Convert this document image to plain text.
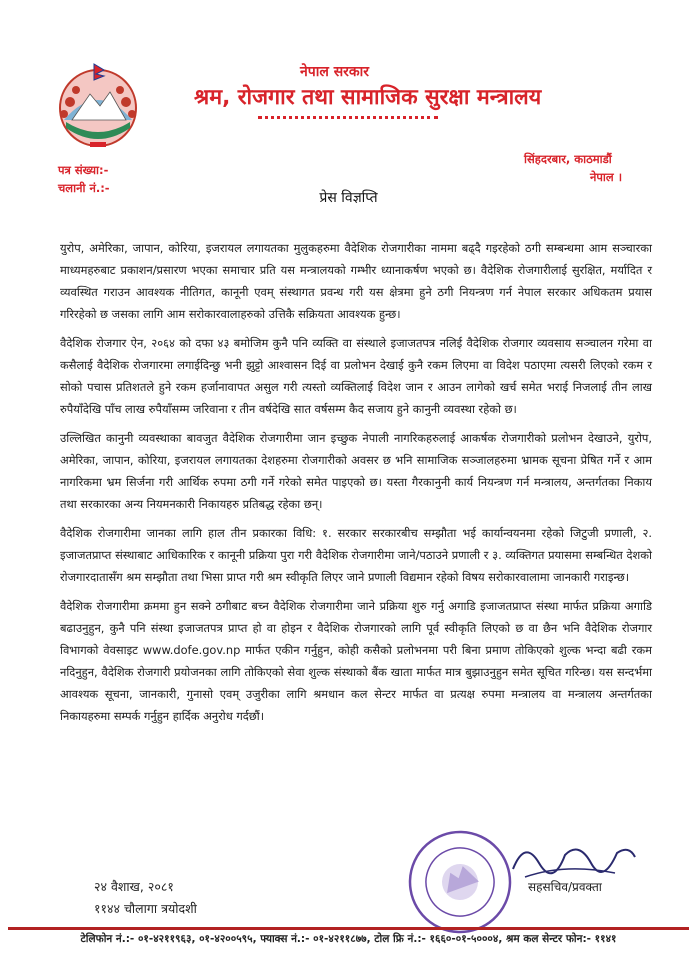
नेपाल सरकार
श्रम, रोजगार तथा सामाजिक सुरक्षा मन्त्रालय
पत्र संख्या:-
चलानी नं.:-
सिंहदरबार, काठमाडौं
नेपाल ।
प्रेस विज्ञप्ति

युरोप, अमेरिका, जापान, कोरिया, इजरायल लगायतका मुलुकहरुमा वैदेशिक रोजगारीका नाममा बढ्दै गइरहेको ठगी सम्बन्धमा आम सञ्चारका माध्यमहरुबाट प्रकाशन/प्रसारण भएका समाचार प्रति यस मन्त्रालयको गम्भीर ध्यानाकर्षण भएको छ। वैदेशिक रोजगारीलाई सुरक्षित, मर्यादित र व्यवस्थित गराउन आवश्यक नीतिगत, कानूनी एवम् संस्थागत प्रवन्ध गरी यस क्षेत्रमा हुने ठगी नियन्त्रण गर्न नेपाल सरकार अधिकतम प्रयास गरिरहेको छ जसका लागि आम सरोकारवालाहरुको उत्तिकै सक्रियता आवश्यक हुन्छ।

वैदेशिक रोजगार ऐन, २०६४ को दफा ४३ बमोजिम कुनै पनि व्यक्ति वा संस्थाले इजाजतपत्र नलिई वैदेशिक रोजगार व्यवसाय सञ्चालन गरेमा वा कसैलाई वैदेशिक रोजगारमा लगाईदिन्छु भनी झुट्टो आश्वासन दिई वा प्रलोभन देखाई कुनै रकम लिएमा वा विदेश पठाएमा त्यसरी लिएको रकम र सोको पचास प्रतिशतले हुने रकम हर्जानावापत असुल गरी त्यस्तो व्यक्तिलाई विदेश जान र आउन लागेको खर्च समेत भराई निजलाई तीन लाख रुपैयाँदेखि पाँच लाख रुपैयाँसम्म जरिवाना र तीन वर्षदेखि सात वर्षसम्म कैद सजाय हुने कानुनी व्यवस्था रहेको छ।

उल्लिखित कानुनी व्यवस्थाका बावजुत वैदेशिक रोजगारीमा जान इच्छुक नेपाली नागरिकहरुलाई आकर्षक रोजगारीको प्रलोभन देखाउने, युरोप, अमेरिका, जापान, कोरिया, इजरायल लगायतका देशहरुमा रोजगारीको अवसर छ भनि सामाजिक सञ्जालहरुमा भ्रामक सूचना प्रेषित गर्ने र आम नागरिकमा भ्रम सिर्जना गरी आर्थिक रुपमा ठगी गर्ने गरेको समेत पाइएको छ। यस्ता गैरकानुनी कार्य नियन्त्रण गर्न मन्त्रालय, अन्तर्गतका निकाय तथा सरकारका अन्य नियमनकारी निकायहरु प्रतिबद्ध रहेका छन्।

वैदेशिक रोजगारीमा जानका लागि हाल तीन प्रकारका विधि: १. सरकार सरकारबीच सम्झौता भई कार्यान्वयनमा रहेको जिटुजी प्रणाली, २. इजाजतप्राप्त संस्थाबाट आधिकारिक र कानूनी प्रक्रिया पुरा गरी वैदेशिक रोजगारीमा जाने/पठाउने प्रणाली र ३. व्यक्तिगत प्रयासमा सम्बन्धित देशको रोजगारदातासँग श्रम सम्झौता तथा भिसा प्राप्त गरी श्रम स्वीकृति लिएर जाने प्रणाली विद्यमान रहेको विषय सरोकारवालामा जानकारी गराइन्छ।

वैदेशिक रोजगारीमा क्रममा हुन सक्ने ठगीबाट बच्न वैदेशिक रोजगारीमा जाने प्रक्रिया शुरु गर्नु अगाडि इजाजतप्राप्त संस्था मार्फत प्रक्रिया अगाडि बढाउनुहुन, कुनै पनि संस्था इजाजतपत्र प्राप्त हो वा होइन र वैदेशिक रोजगारको लागि पूर्व स्वीकृति लिएको छ वा छैन भनि वैदेशिक रोजगार विभागको वेवसाइट www.dofe.gov.np मार्फत एकीन गर्नुहुन, कोही कसैको प्रलोभनमा परी बिना प्रमाण तोकिएको शुल्क भन्दा बढी रकम नदिनुहुन, वैदेशिक रोजगारी प्रयोजनका लागि तोकिएको सेवा शुल्क संस्थाको बैंक खाता मार्फत मात्र बुझाउनुहुन समेत सूचित गरिन्छ। यस सन्दर्भमा आवश्यक सूचना, जानकारी, गुनासो एवम् उजुरीका लागि श्रमधान कल सेन्टर मार्फत वा प्रत्यक्ष रुपमा मन्त्रालय वा मन्त्रालय अन्तर्गतका निकायहरुमा सम्पर्क गर्नुहुन हार्दिक अनुरोध गर्दछौं।

२४ वैशाख, २०८१
११४४ चौलागा त्रयोदशी
सहसचिव/प्रवक्ता
टेलिफोन नं.:- ०१-४२११९६३, ०१-४२००५९५, फ्याक्स नं.:- ०१-४२११८७७, टोल फ्रि नं.:- १६६०-०१-५०००४, श्रम कल सेन्टर फोन:- ११४१
